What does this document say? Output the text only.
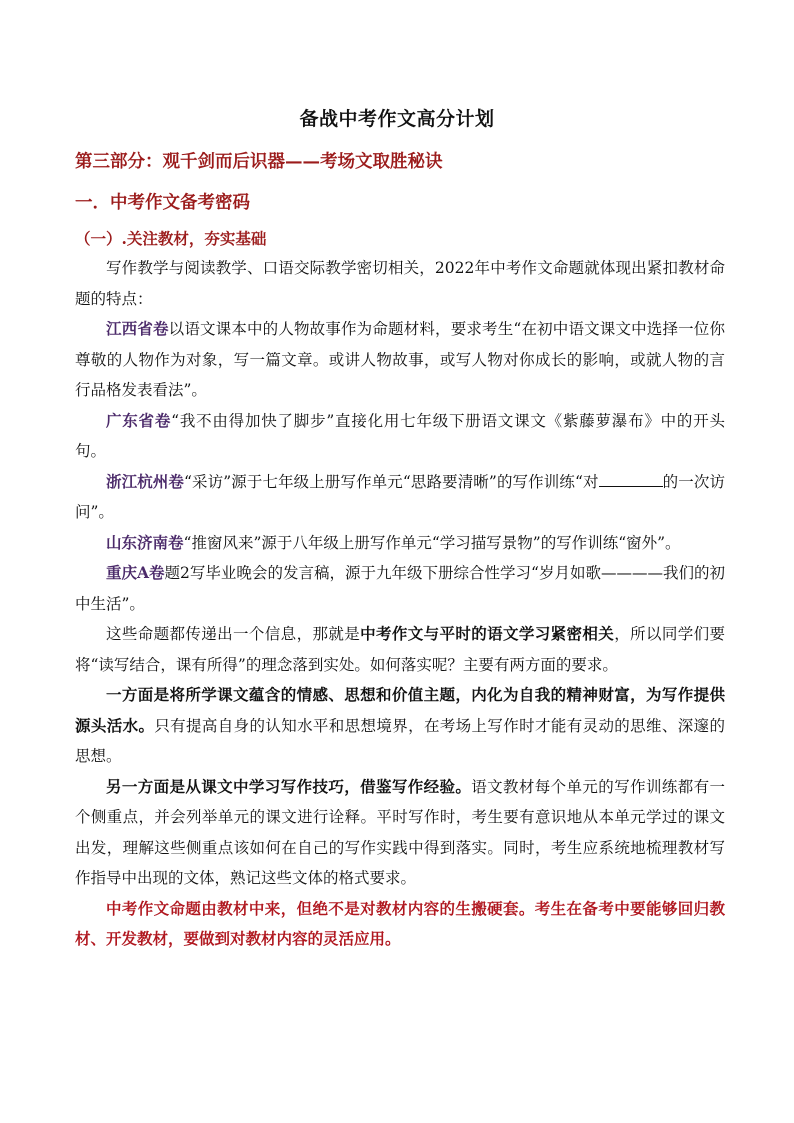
备战中考作文高分计划
第三部分：观千剑而后识器——考场文取胜秘诀
一．中考作文备考密码
（一）.关注教材，夯实基础

写作教学与阅读教学、口语交际教学密切相关，2022年中考作文命题就体现出紧扣教材命题的特点：

江西省卷以语文课本中的人物故事作为命题材料，要求考生“在初中语文课文中选择一位你尊敬的人物作为对象，写一篇文章。或讲人物故事，或写人物对你成长的影响，或就人物的言行品格发表看法”。

广东省卷“我不由得加快了脚步”直接化用七年级下册语文课文《紫藤萝瀑布》中的开头句。

浙江杭州卷“采访”源于七年级上册写作单元“思路要清晰”的写作训练“对	的一次访问”。

山东济南卷“推窗风来”源于八年级上册写作单元“学习描写景物”的写作训练“窗外”。

重庆A卷题2写毕业晚会的发言稿，源于九年级下册综合性学习“岁月如歌————我们的初中生活”。

这些命题都传递出一个信息，那就是中考作文与平时的语文学习紧密相关，所以同学们要将“读写结合，课有所得”的理念落到实处。如何落实呢？主要有两方面的要求。

一方面是将所学课文蕴含的情感、思想和价值主题，内化为自我的精神财富，为写作提供源头活水。只有提高自身的认知水平和思想境界，在考场上写作时才能有灵动的思维、深邃的思想。

另一方面是从课文中学习写作技巧，借鉴写作经验。语文教材每个单元的写作训练都有一个侧重点，并会列举单元的课文进行诠释。平时写作时，考生要有意识地从本单元学过的课文出发，理解这些侧重点该如何在自己的写作实践中得到落实。同时，考生应系统地梳理教材写作指导中出现的文体，熟记这些文体的格式要求。

中考作文命题由教材中来，但绝不是对教材内容的生搬硬套。考生在备考中要能够回归教材、开发教材，要做到对教材内容的灵活应用。
